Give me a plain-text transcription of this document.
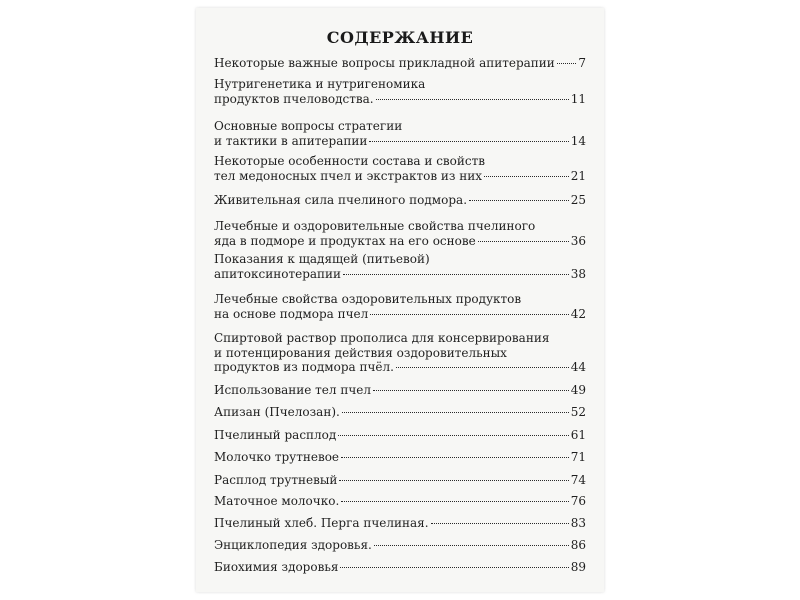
СОДЕРЖАНИЕ
Некоторые важные вопросы прикладной апитерапии 7
Нутригенетика и нутригеномика
продуктов пчеловодства.	11
Основные вопросы стратегии
и тактики в апитерапии	14
Некоторые особенности состава и свойств
тел медоносных пчел и экстрактов из них	21
Живительная сила пчелиного подмора.	25
Лечебные и оздоровительные свойства пчелиного
яда в подморе и продуктах на его основе	36
Показания к щадящей (питьевой)
апитоксинотерапии	38
Лечебные свойства оздоровительных продуктов
на основе подмора пчел	42
Спиртовой раствор прополиса для консервирования
и потенцирования действия оздоровительных
продуктов из подмора пчёл.	44
Использование тел пчел	49
Апизан (Пчелозан).	52
Пчелиный расплод	61
Молочко трутневое	71
Расплод трутневый	74
Маточное молочко.	76
Пчелиный хлеб. Перга пчелиная.	83
Энциклопедия здоровья.	86
Биохимия здоровья	89
